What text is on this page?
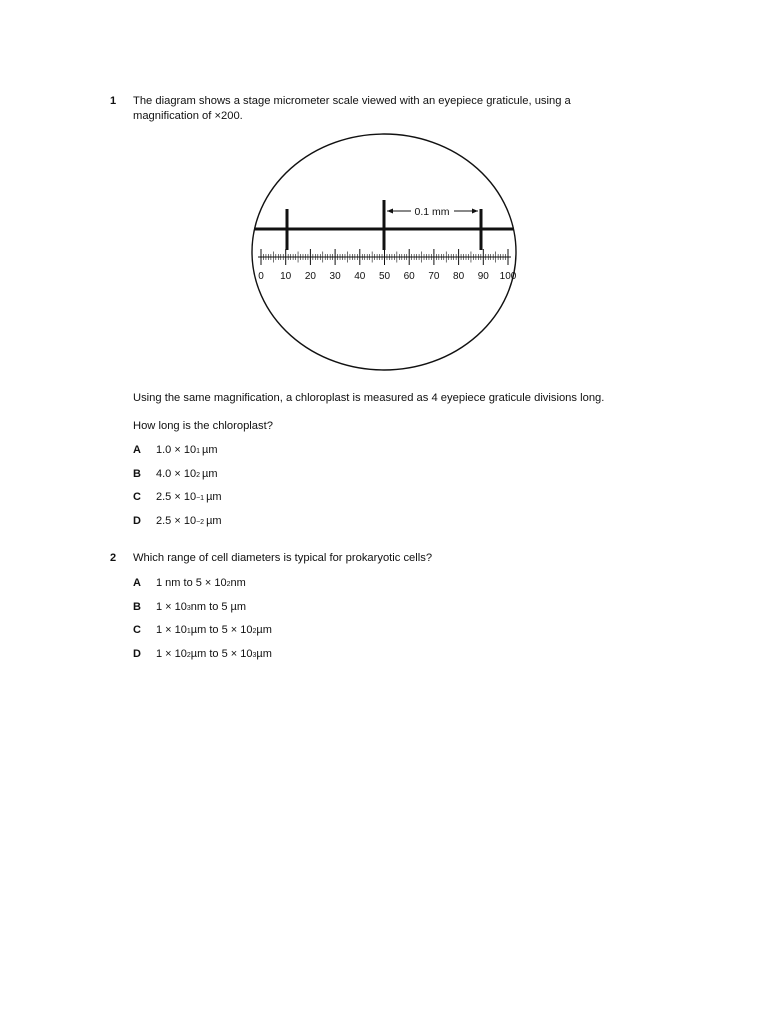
1 The diagram shows a stage micrometer scale viewed with an eyepiece graticule, using a
magnification of ×200.
0.1 mm
0 10 20 30 40 50 60 70 80 90 100
Using the same magnification, a chloroplast is measured as 4 eyepiece graticule divisions long.
How long is the chloroplast?
A	1.0 × 10 1 µm
B	4.0 × 10 2 µm
C	2.5 × 10 −1 µm
D	2.5 × 10 −2 µm
2 Which range of cell diameters is typical for prokaryotic cells?
A	1 nm to 5 × 10 2 nm
B	1 × 10 3 nm to 5 µm
C	1 × 10 1 µm to 5 × 10 2 µm
D	1 × 10 2 µm to 5 × 10 3 µm
